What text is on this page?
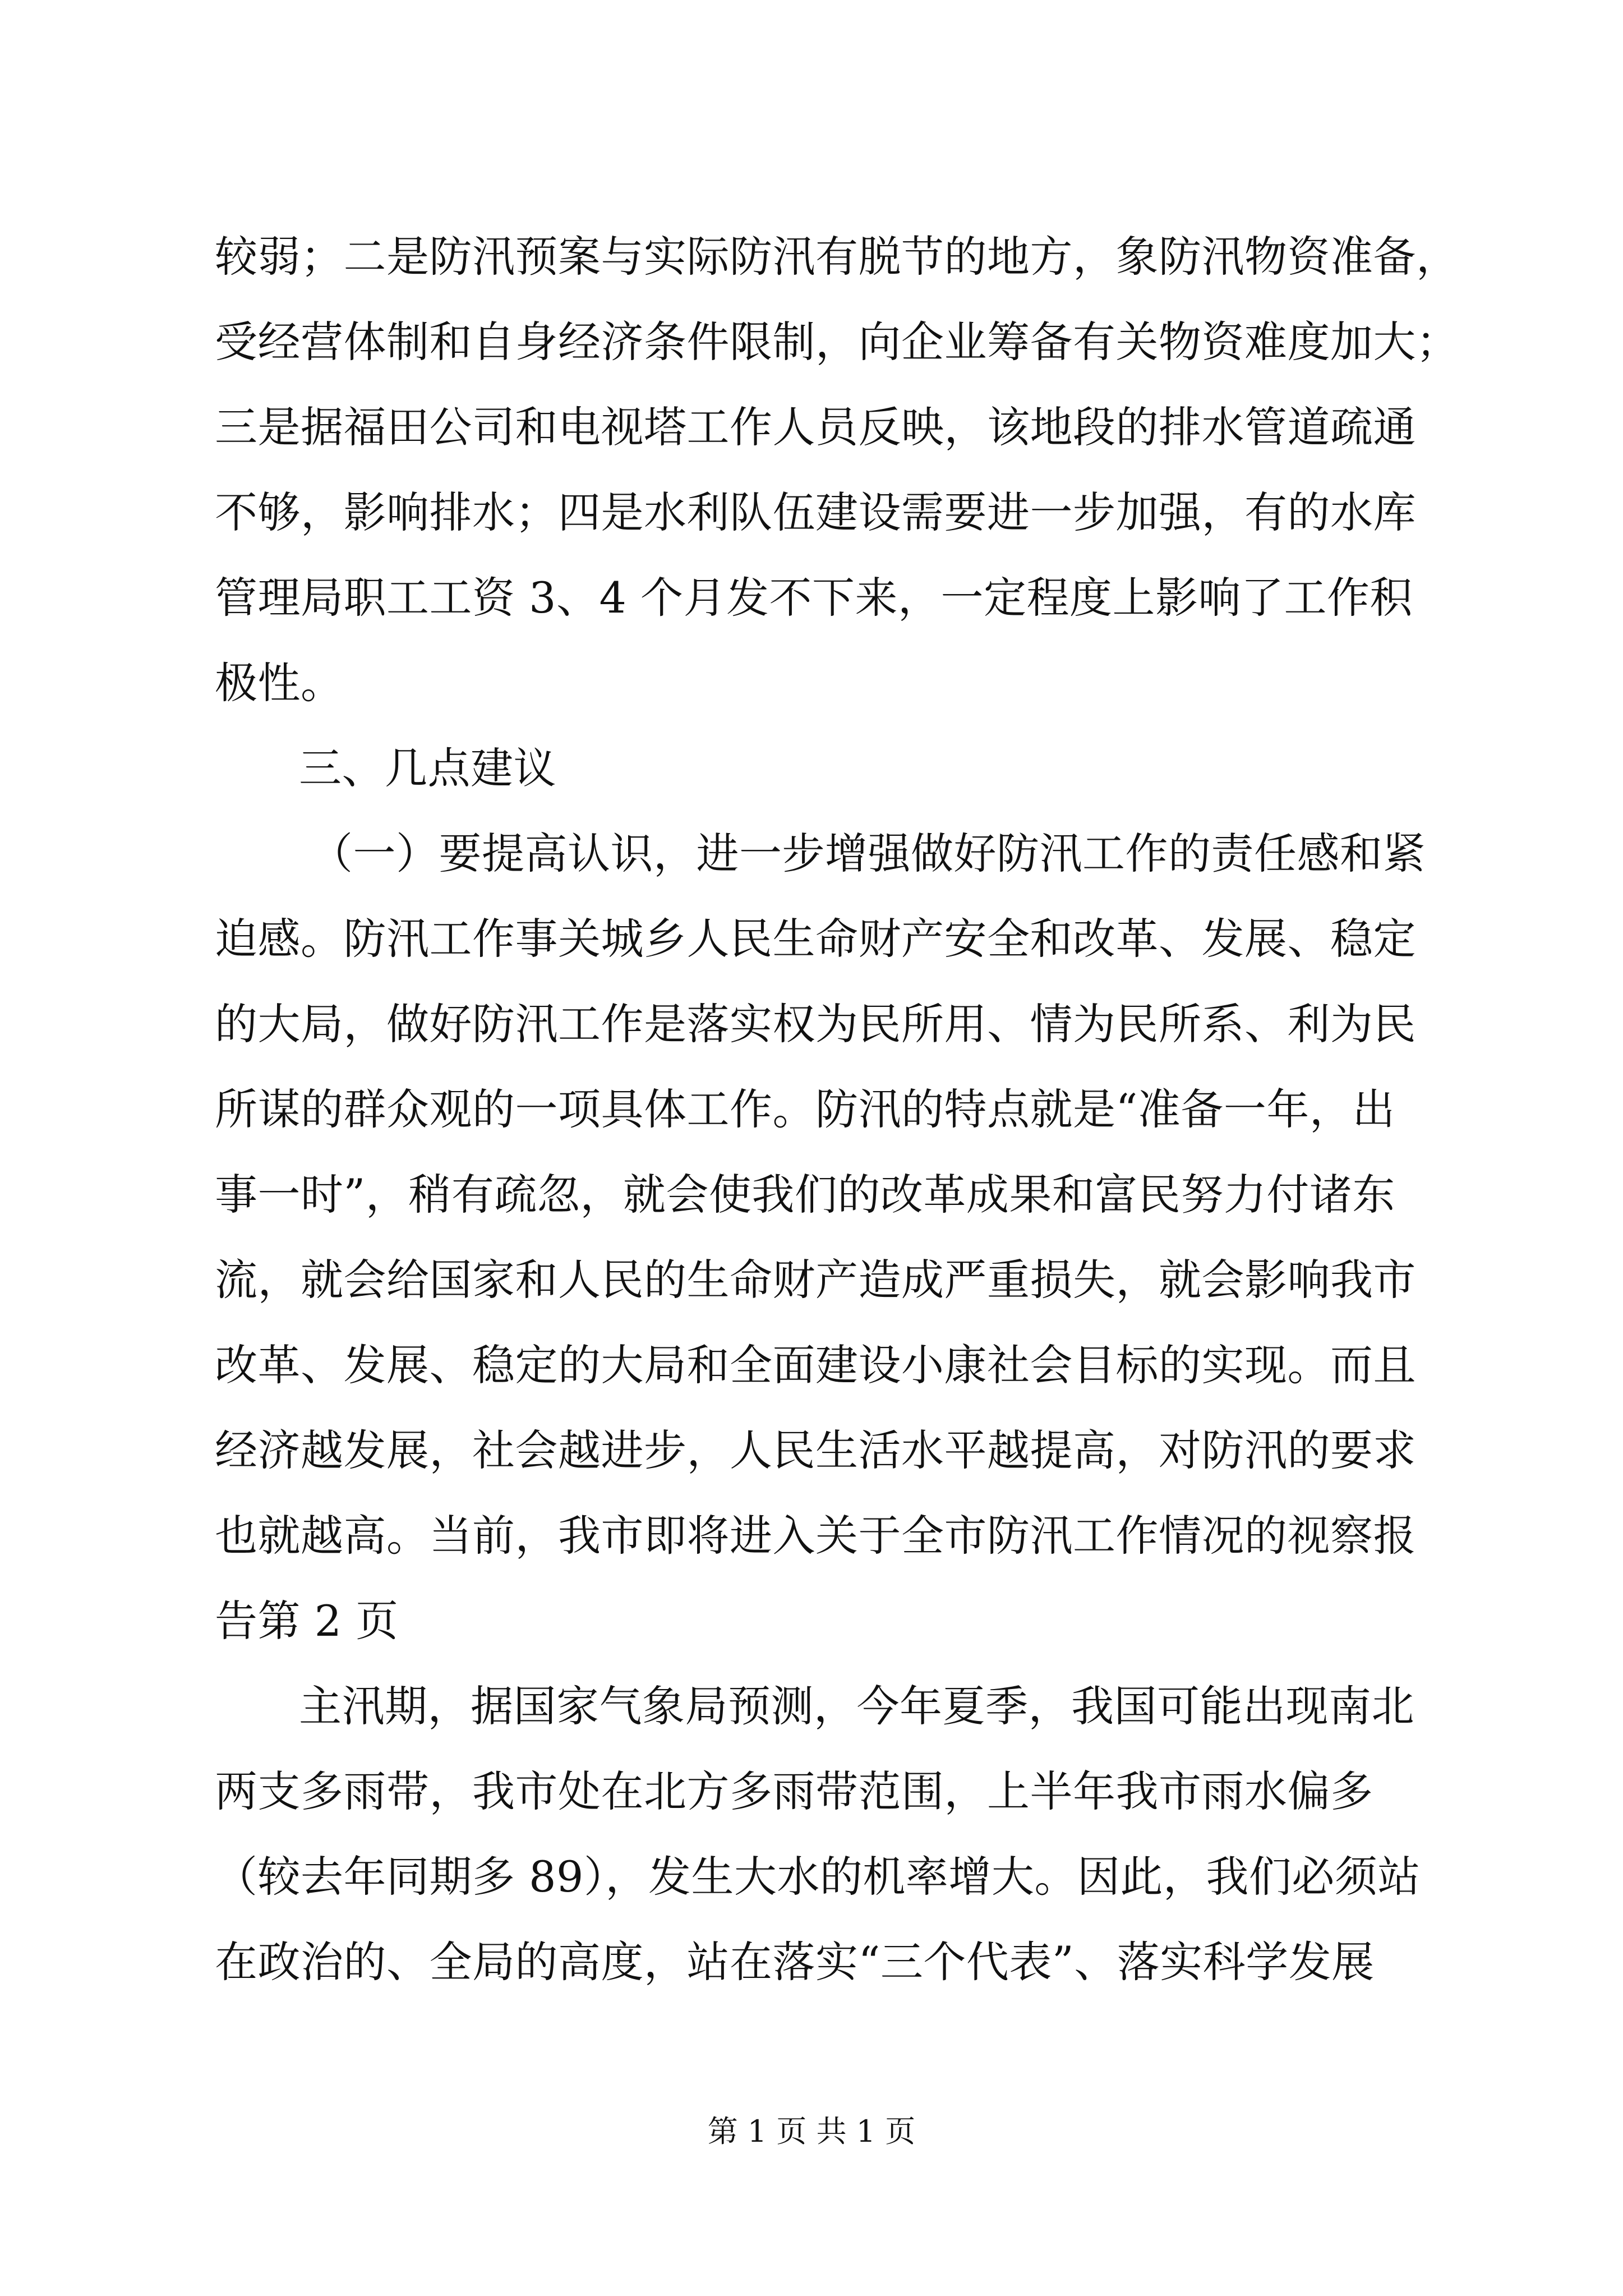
较弱；二是防汛预案与实际防汛有脱节的地方，象防汛物资准备，
受经营体制和自身经济条件限制，向企业筹备有关物资难度加大；
三是据福田公司和电视塔工作人员反映，该地段的排水管道疏通
不够，影响排水；四是水利队伍建设需要进一步加强，有的水库
管理局职工工资 3、4 个月发不下来，一定程度上影响了工作积
极性。
三、几点建议
（一）要提高认识，进一步增强做好防汛工作的责任感和紧
迫感。防汛工作事关城乡人民生命财产安全和改革、发展、稳定
的大局，做好防汛工作是落实权为民所用、情为民所系、利为民
所谋的群众观的一项具体工作。防汛的特点就是“准备一年，出
事一时”，稍有疏忽，就会使我们的改革成果和富民努力付诸东
流，就会给国家和人民的生命财产造成严重损失，就会影响我市
改革、发展、稳定的大局和全面建设小康社会目标的实现。而且
经济越发展，社会越进步，人民生活水平越提高，对防汛的要求
也就越高。当前，我市即将进入关于全市防汛工作情况的视察报
告第 2 页
主汛期，据国家气象局预测，今年夏季，我国可能出现南北
两支多雨带，我市处在北方多雨带范围，上半年我市雨水偏多
（较去年同期多 89），发生大水的机率增大。因此，我们必须站
在政治的、全局的高度，站在落实“三个代表”、落实科学发展
第 1 页 共 1 页
